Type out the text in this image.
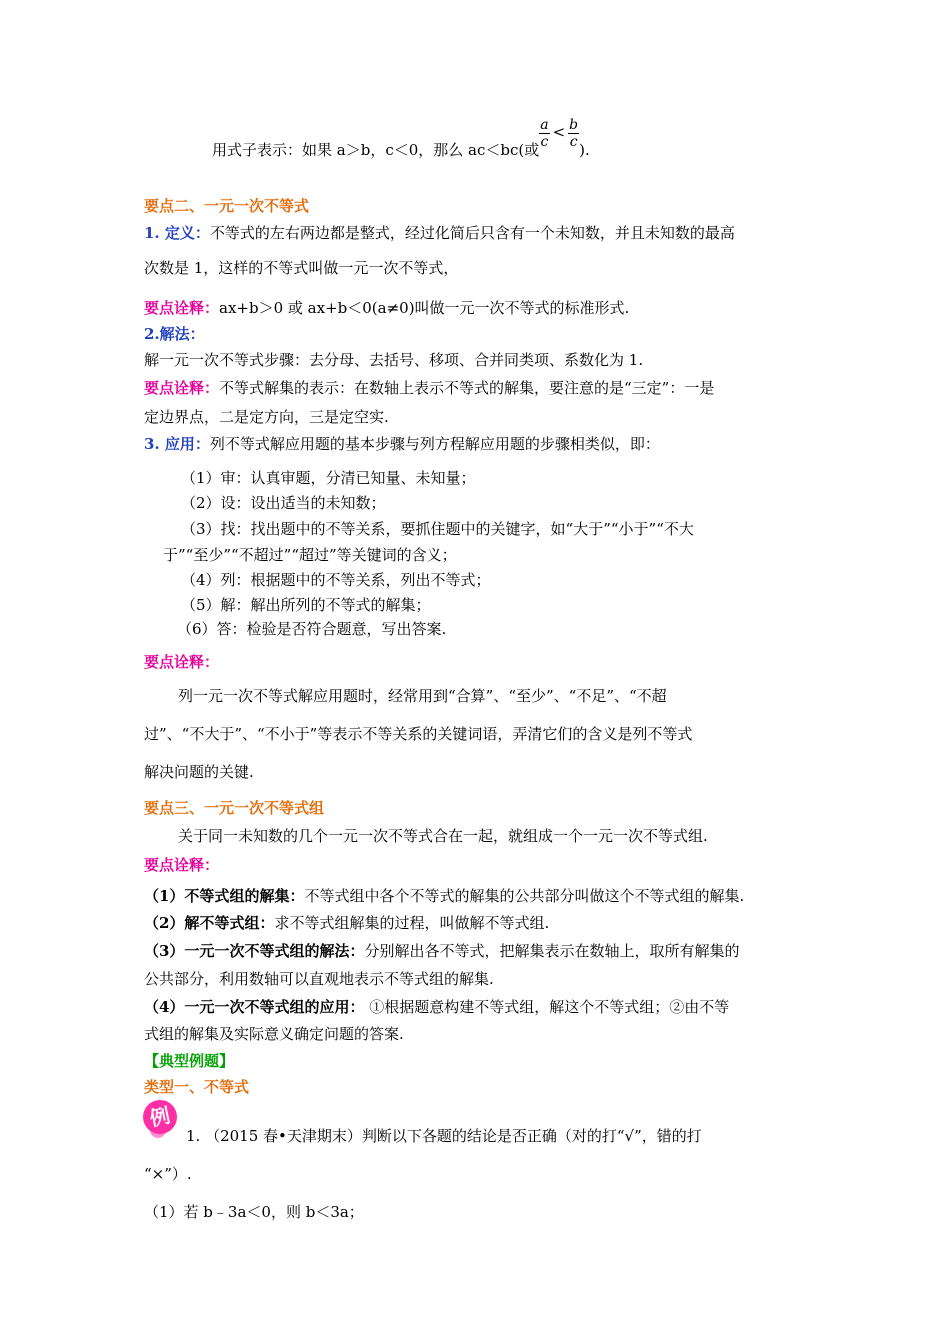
用式子表示：如果 a＞b，c＜0，那么 ac＜bc(或
$\frac{a}{c} < \frac{b}{c}$
).
要点二、一元一次不等式
1. 定义：不等式的左右两边都是整式，经过化简后只含有一个未知数，并且未知数的最高
次数是 1，这样的不等式叫做一元一次不等式，
要点诠释：ax+b＞0 或 ax+b＜0(a≠0)叫做一元一次不等式的标准形式.
2.解法：
解一元一次不等式步骤：去分母、去括号、移项、合并同类项、系数化为 1.
要点诠释：不等式解集的表示：在数轴上表示不等式的解集，要注意的是“三定”：一是
定边界点，二是定方向，三是定空实.
3. 应用：列不等式解应用题的基本步骤与列方程解应用题的步骤相类似，即：
（1）审：认真审题，分清已知量、未知量；
（2）设：设出适当的未知数；
（3）找：找出题中的不等关系，要抓住题中的关键字，如“大于”“小于”“不大
于”“至少”“不超过”“超过”等关键词的含义；
（4）列：根据题中的不等关系，列出不等式；
（5）解：解出所列的不等式的解集；
（6）答：检验是否符合题意，写出答案.
要点诠释：
列一元一次不等式解应用题时，经常用到“合算”、“至少”、“不足”、“不超
过”、“不大于”、“不小于”等表示不等关系的关键词语，弄清它们的含义是列不等式
解决问题的关键.
要点三、一元一次不等式组
关于同一未知数的几个一元一次不等式合在一起，就组成一个一元一次不等式组.
要点诠释：
（1）不等式组的解集：不等式组中各个不等式的解集的公共部分叫做这个不等式组的解集.
（2）解不等式组：求不等式组解集的过程，叫做解不等式组.
（3）一元一次不等式组的解法：分别解出各不等式，把解集表示在数轴上，取所有解集的
公共部分，利用数轴可以直观地表示不等式组的解集.
（4）一元一次不等式组的应用： ①根据题意构建不等式组，解这个不等式组；②由不等
式组的解集及实际意义确定问题的答案.
【典型例题】
类型一、不等式
例
1. （2015 春•天津期末）判断以下各题的结论是否正确（对的打“√”，错的打
“×”）.
（1）若 b﹣3a＜0，则 b＜3a；
